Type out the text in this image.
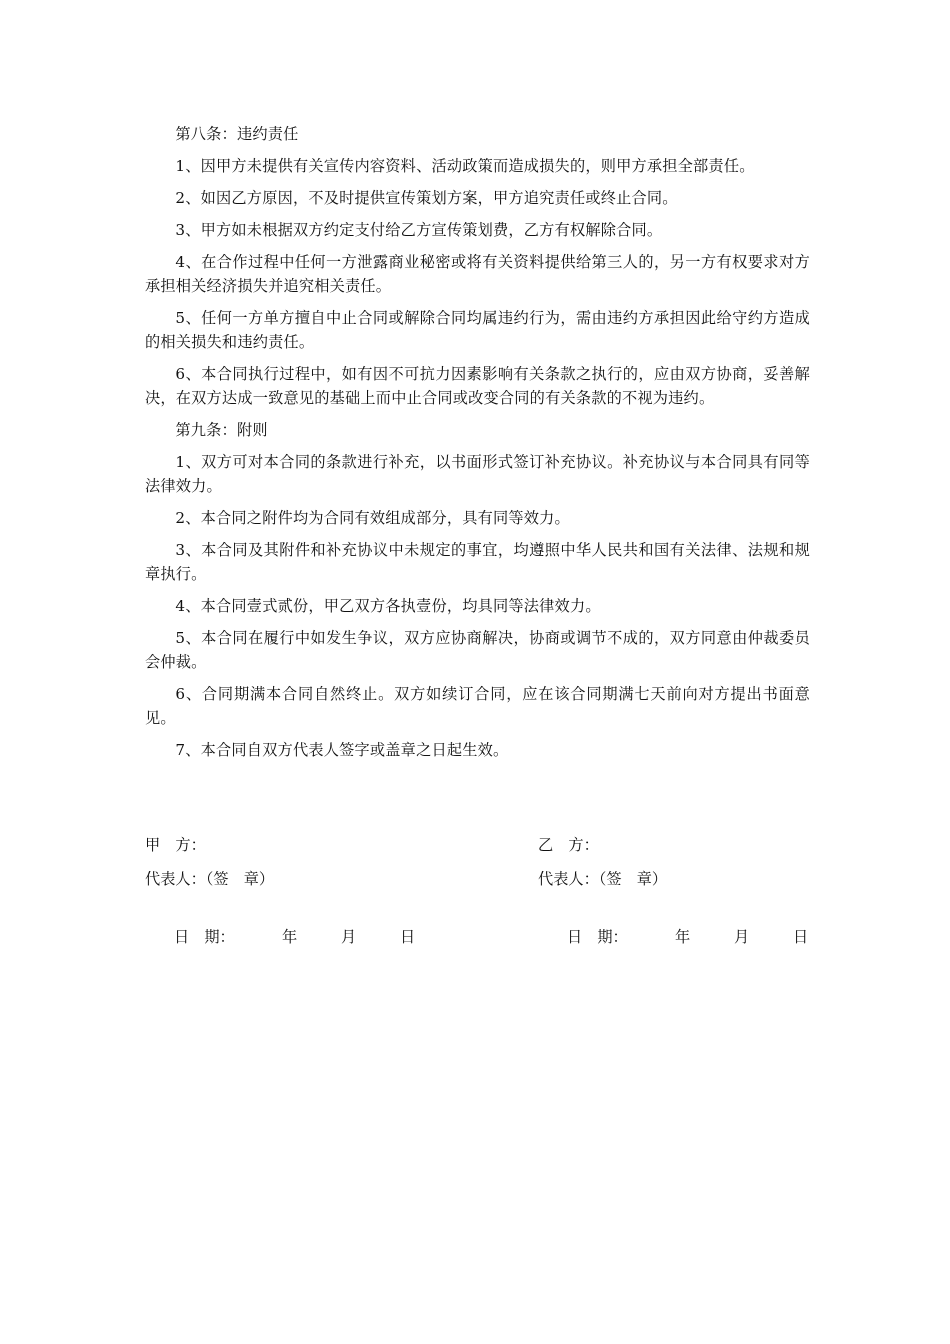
第八条：违约责任

1、因甲方未提供有关宣传内容资料、活动政策而造成损失的，则甲方承担全部责任。

2、如因乙方原因，不及时提供宣传策划方案，甲方追究责任或终止合同。

3、甲方如未根据双方约定支付给乙方宣传策划费，乙方有权解除合同。

4、在合作过程中任何一方泄露商业秘密或将有关资料提供给第三人的，另一方有权要求对方承担相关经济损失并追究相关责任。

5、任何一方单方擅自中止合同或解除合同均属违约行为，需由违约方承担因此给守约方造成的相关损失和违约责任。

6、本合同执行过程中，如有因不可抗力因素影响有关条款之执行的，应由双方协商，妥善解决，在双方达成一致意见的基础上而中止合同或改变合同的有关条款的不视为违约。

第九条：附则

1、双方可对本合同的条款进行补充，以书面形式签订补充协议。补充协议与本合同具有同等法律效力。

2、本合同之附件均为合同有效组成部分，具有同等效力。

3、本合同及其附件和补充协议中未规定的事宜，均遵照中华人民共和国有关法律、法规和规章执行。

4、本合同壹式贰份，甲乙双方各执壹份，均具同等法律效力。

5、本合同在履行中如发生争议，双方应协商解决，协商或调节不成的，双方同意由仲裁委员会仲裁。

6、合同期满本合同自然终止。双方如续订合同，应在该合同期满七天前向对方提出书面意见。

7、本合同自双方代表人签字或盖章之日起生效。

甲　方：
代表人：（签　章）

日　期：	年	月	日

乙　方：
代表人：（签　章）

日　期：	年	月	日
